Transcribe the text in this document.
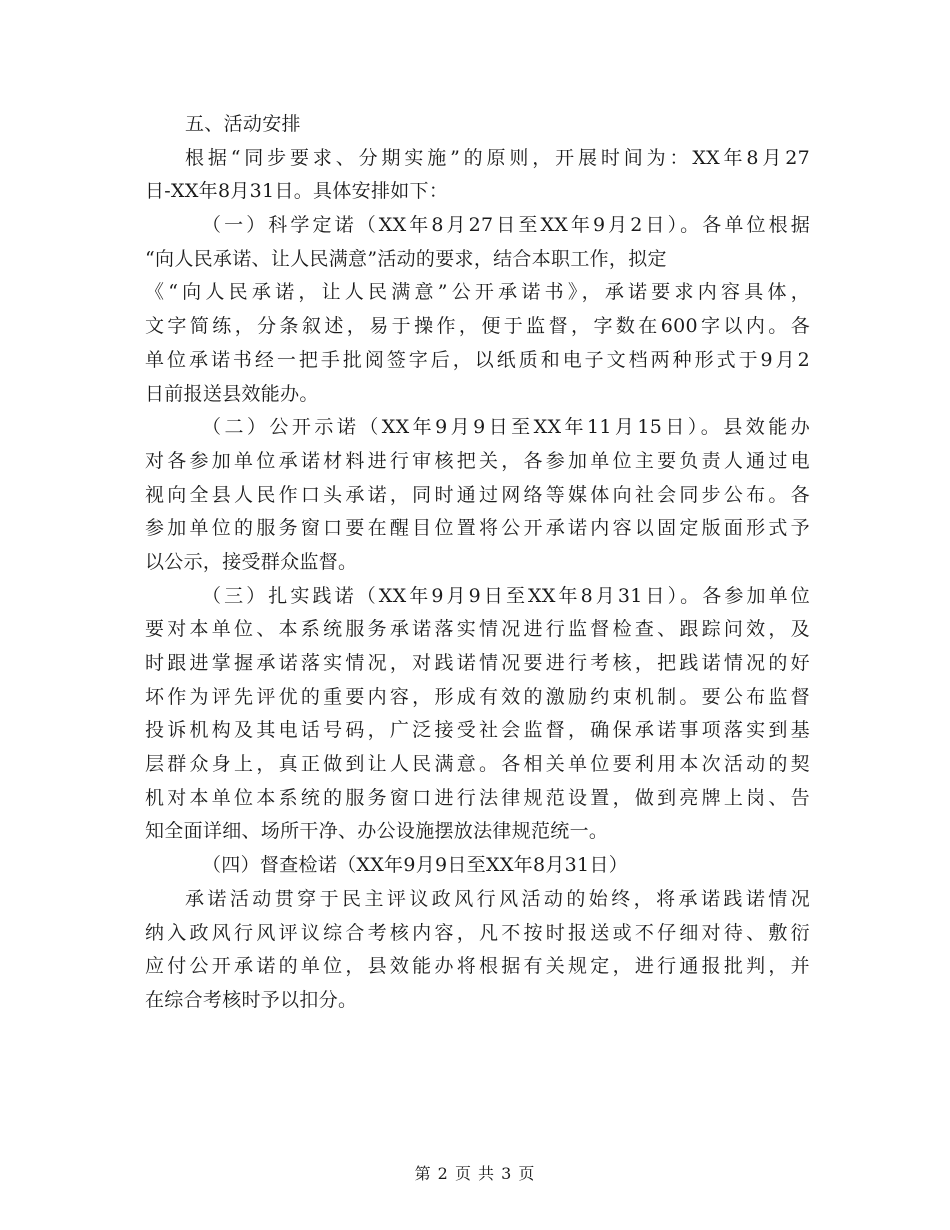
五、活动安排
根据“同步要求、分期实施”的原则，开展时间为：XX年8月27
日-XX年8月31日。具体安排如下：
（一）科学定诺（XX年8月27日至XX年9月2日）。各单位根据
“向人民承诺、让人民满意”活动的要求，结合本职工作，拟定
《“向人民承诺，让人民满意”公开承诺书》，承诺要求内容具体，
文字简练，分条叙述，易于操作，便于监督，字数在600字以内。各
单位承诺书经一把手批阅签字后，以纸质和电子文档两种形式于9月2
日前报送县效能办。
（二）公开示诺（XX年9月9日至XX年11月15日）。县效能办
对各参加单位承诺材料进行审核把关，各参加单位主要负责人通过电
视向全县人民作口头承诺，同时通过网络等媒体向社会同步公布。各
参加单位的服务窗口要在醒目位置将公开承诺内容以固定版面形式予
以公示，接受群众监督。
（三）扎实践诺（XX年9月9日至XX年8月31日）。各参加单位
要对本单位、本系统服务承诺落实情况进行监督检查、跟踪问效，及
时跟进掌握承诺落实情况，对践诺情况要进行考核，把践诺情况的好
坏作为评先评优的重要内容，形成有效的激励约束机制。要公布监督
投诉机构及其电话号码，广泛接受社会监督，确保承诺事项落实到基
层群众身上，真正做到让人民满意。各相关单位要利用本次活动的契
机对本单位本系统的服务窗口进行法律规范设置，做到亮牌上岗、告
知全面详细、场所干净、办公设施摆放法律规范统一。
（四）督查检诺（XX年9月9日至XX年8月31日）
承诺活动贯穿于民主评议政风行风活动的始终，将承诺践诺情况
纳入政风行风评议综合考核内容，凡不按时报送或不仔细对待、敷衍
应付公开承诺的单位，县效能办将根据有关规定，进行通报批判，并
在综合考核时予以扣分。
第 2 页 共 3 页
